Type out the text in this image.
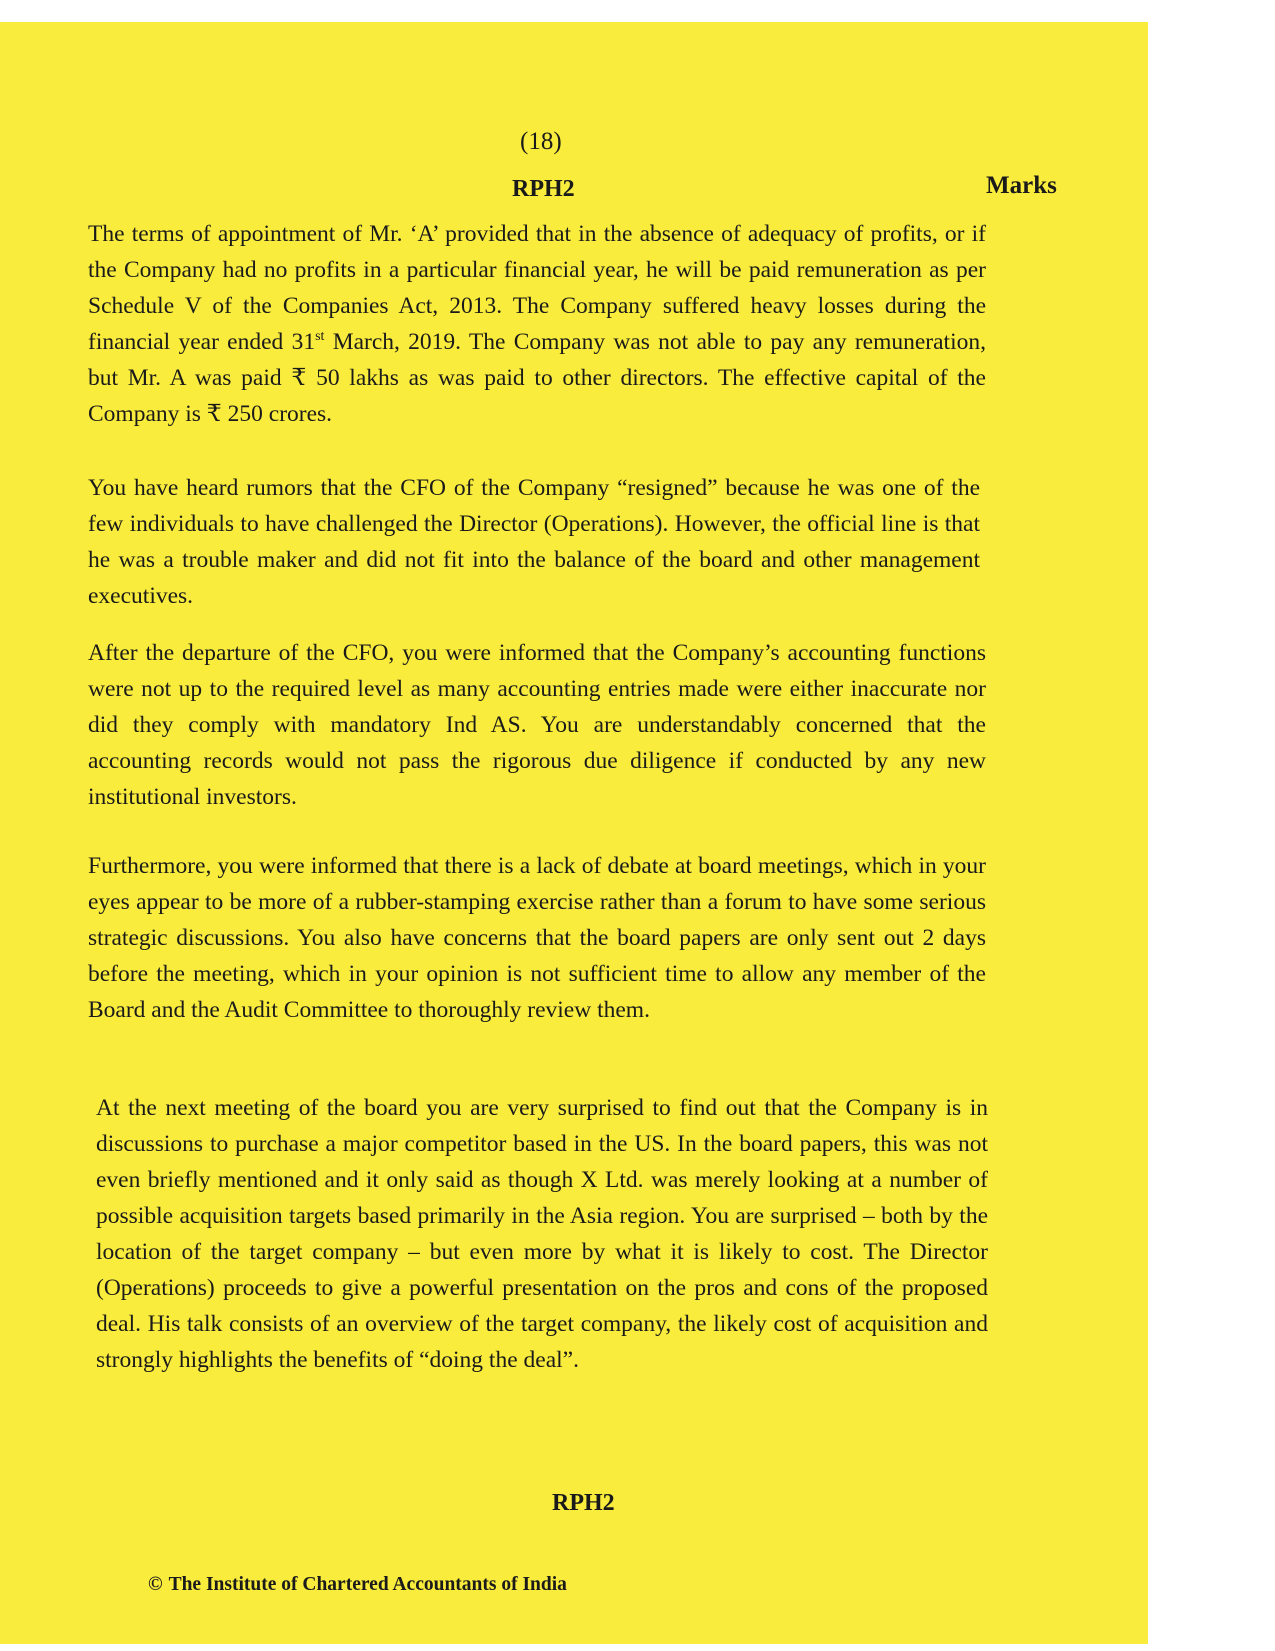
(18)
RPH2	Marks

The terms of appointment of Mr. ‘A’ provided that in the absence of adequacy of profits, or if the Company had no profits in a particular financial year, he will be paid remuneration as per Schedule V of the Companies Act, 2013. The Company suffered heavy losses during the financial year ended 31st March, 2019. The Company was not able to pay any remuneration, but Mr. A was paid ₹ 50 lakhs as was paid to other directors. The effective capital of the Company is ₹ 250 crores.

You have heard rumors that the CFO of the Company “resigned” because he was one of the few individuals to have challenged the Director (Operations). However, the official line is that he was a trouble maker and did not fit into the balance of the board and other management executives.

After the departure of the CFO, you were informed that the Company’s accounting functions were not up to the required level as many accounting entries made were either inaccurate nor did they comply with mandatory Ind AS. You are understandably concerned that the accounting records would not pass the rigorous due diligence if conducted by any new institutional investors.

Furthermore, you were informed that there is a lack of debate at board meetings, which in your eyes appear to be more of a rubber-stamping exercise rather than a forum to have some serious strategic discussions. You also have concerns that the board papers are only sent out 2 days before the meeting, which in your opinion is not sufficient time to allow any member of the Board and the Audit Committee to thoroughly review them.

At the next meeting of the board you are very surprised to find out that the Company is in discussions to purchase a major competitor based in the US. In the board papers, this was not even briefly mentioned and it only said as though X Ltd. was merely looking at a number of possible acquisition targets based primarily in the Asia region. You are surprised – both by the location of the target company – but even more by what it is likely to cost. The Director (Operations) proceeds to give a powerful presentation on the pros and cons of the proposed deal. His talk consists of an overview of the target company, the likely cost of acquisition and strongly highlights the benefits of “doing the deal”.

RPH2
© The Institute of Chartered Accountants of India
